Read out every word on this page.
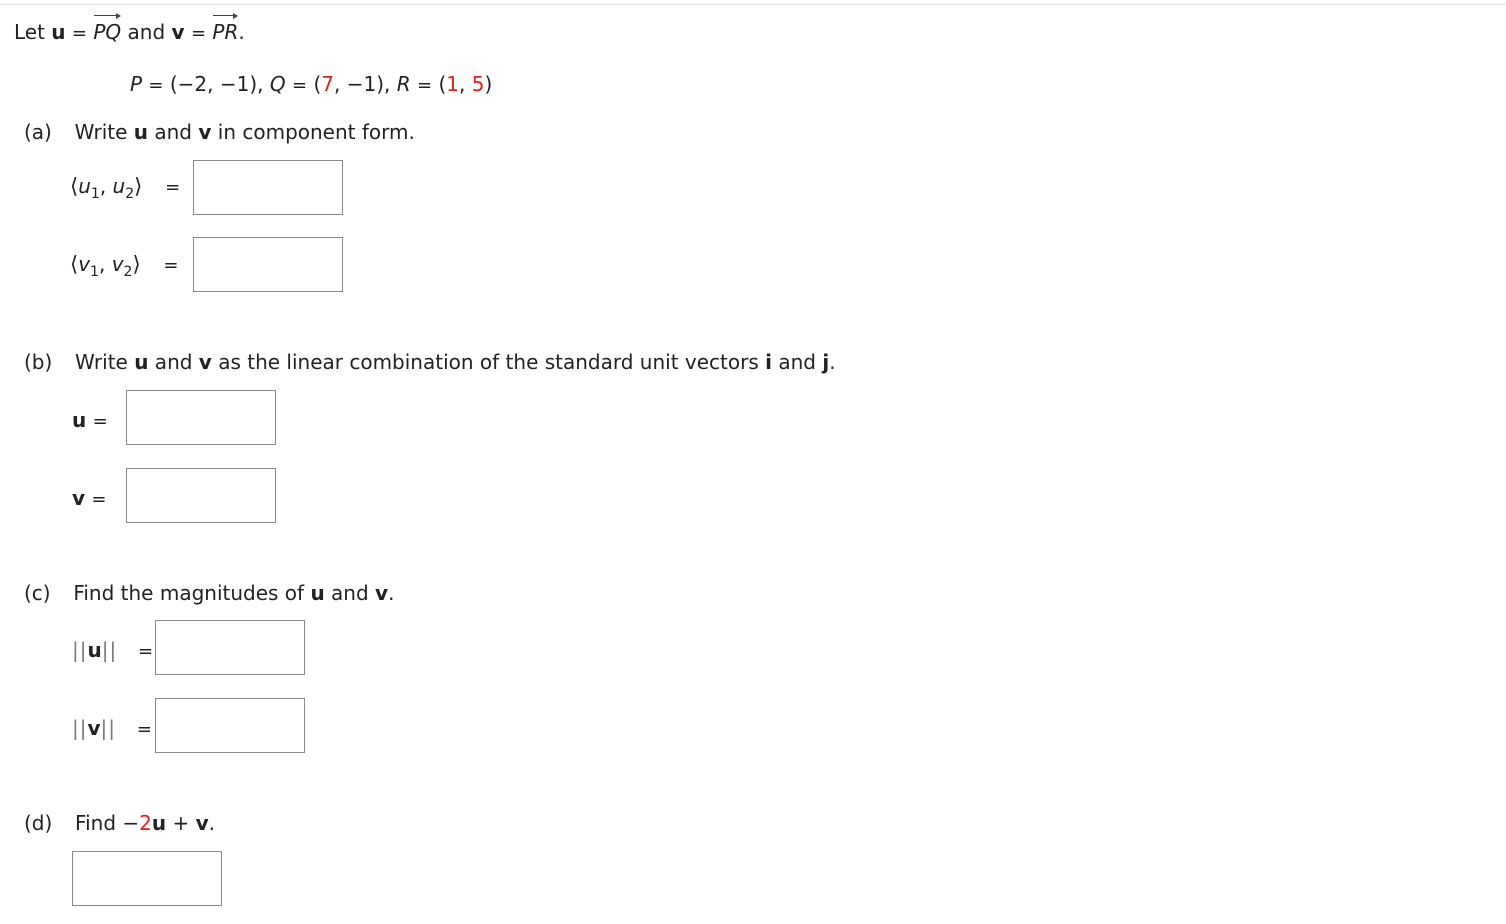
Let u = PQ and v = PR.
P = (−2, −1), Q = (7, −1), R = (1, 5)
(a) Write u and v in component form.
$⟨u_1$, $u_2⟩$ =
$⟨v_1$, $v_2⟩$ =
(b) Write u and v as the linear combination of the standard unit vectors i and j.
u =
v =
(c) Find the magnitudes of u and v.
||u|| =
||v|| =
(d) Find −2u + v.
